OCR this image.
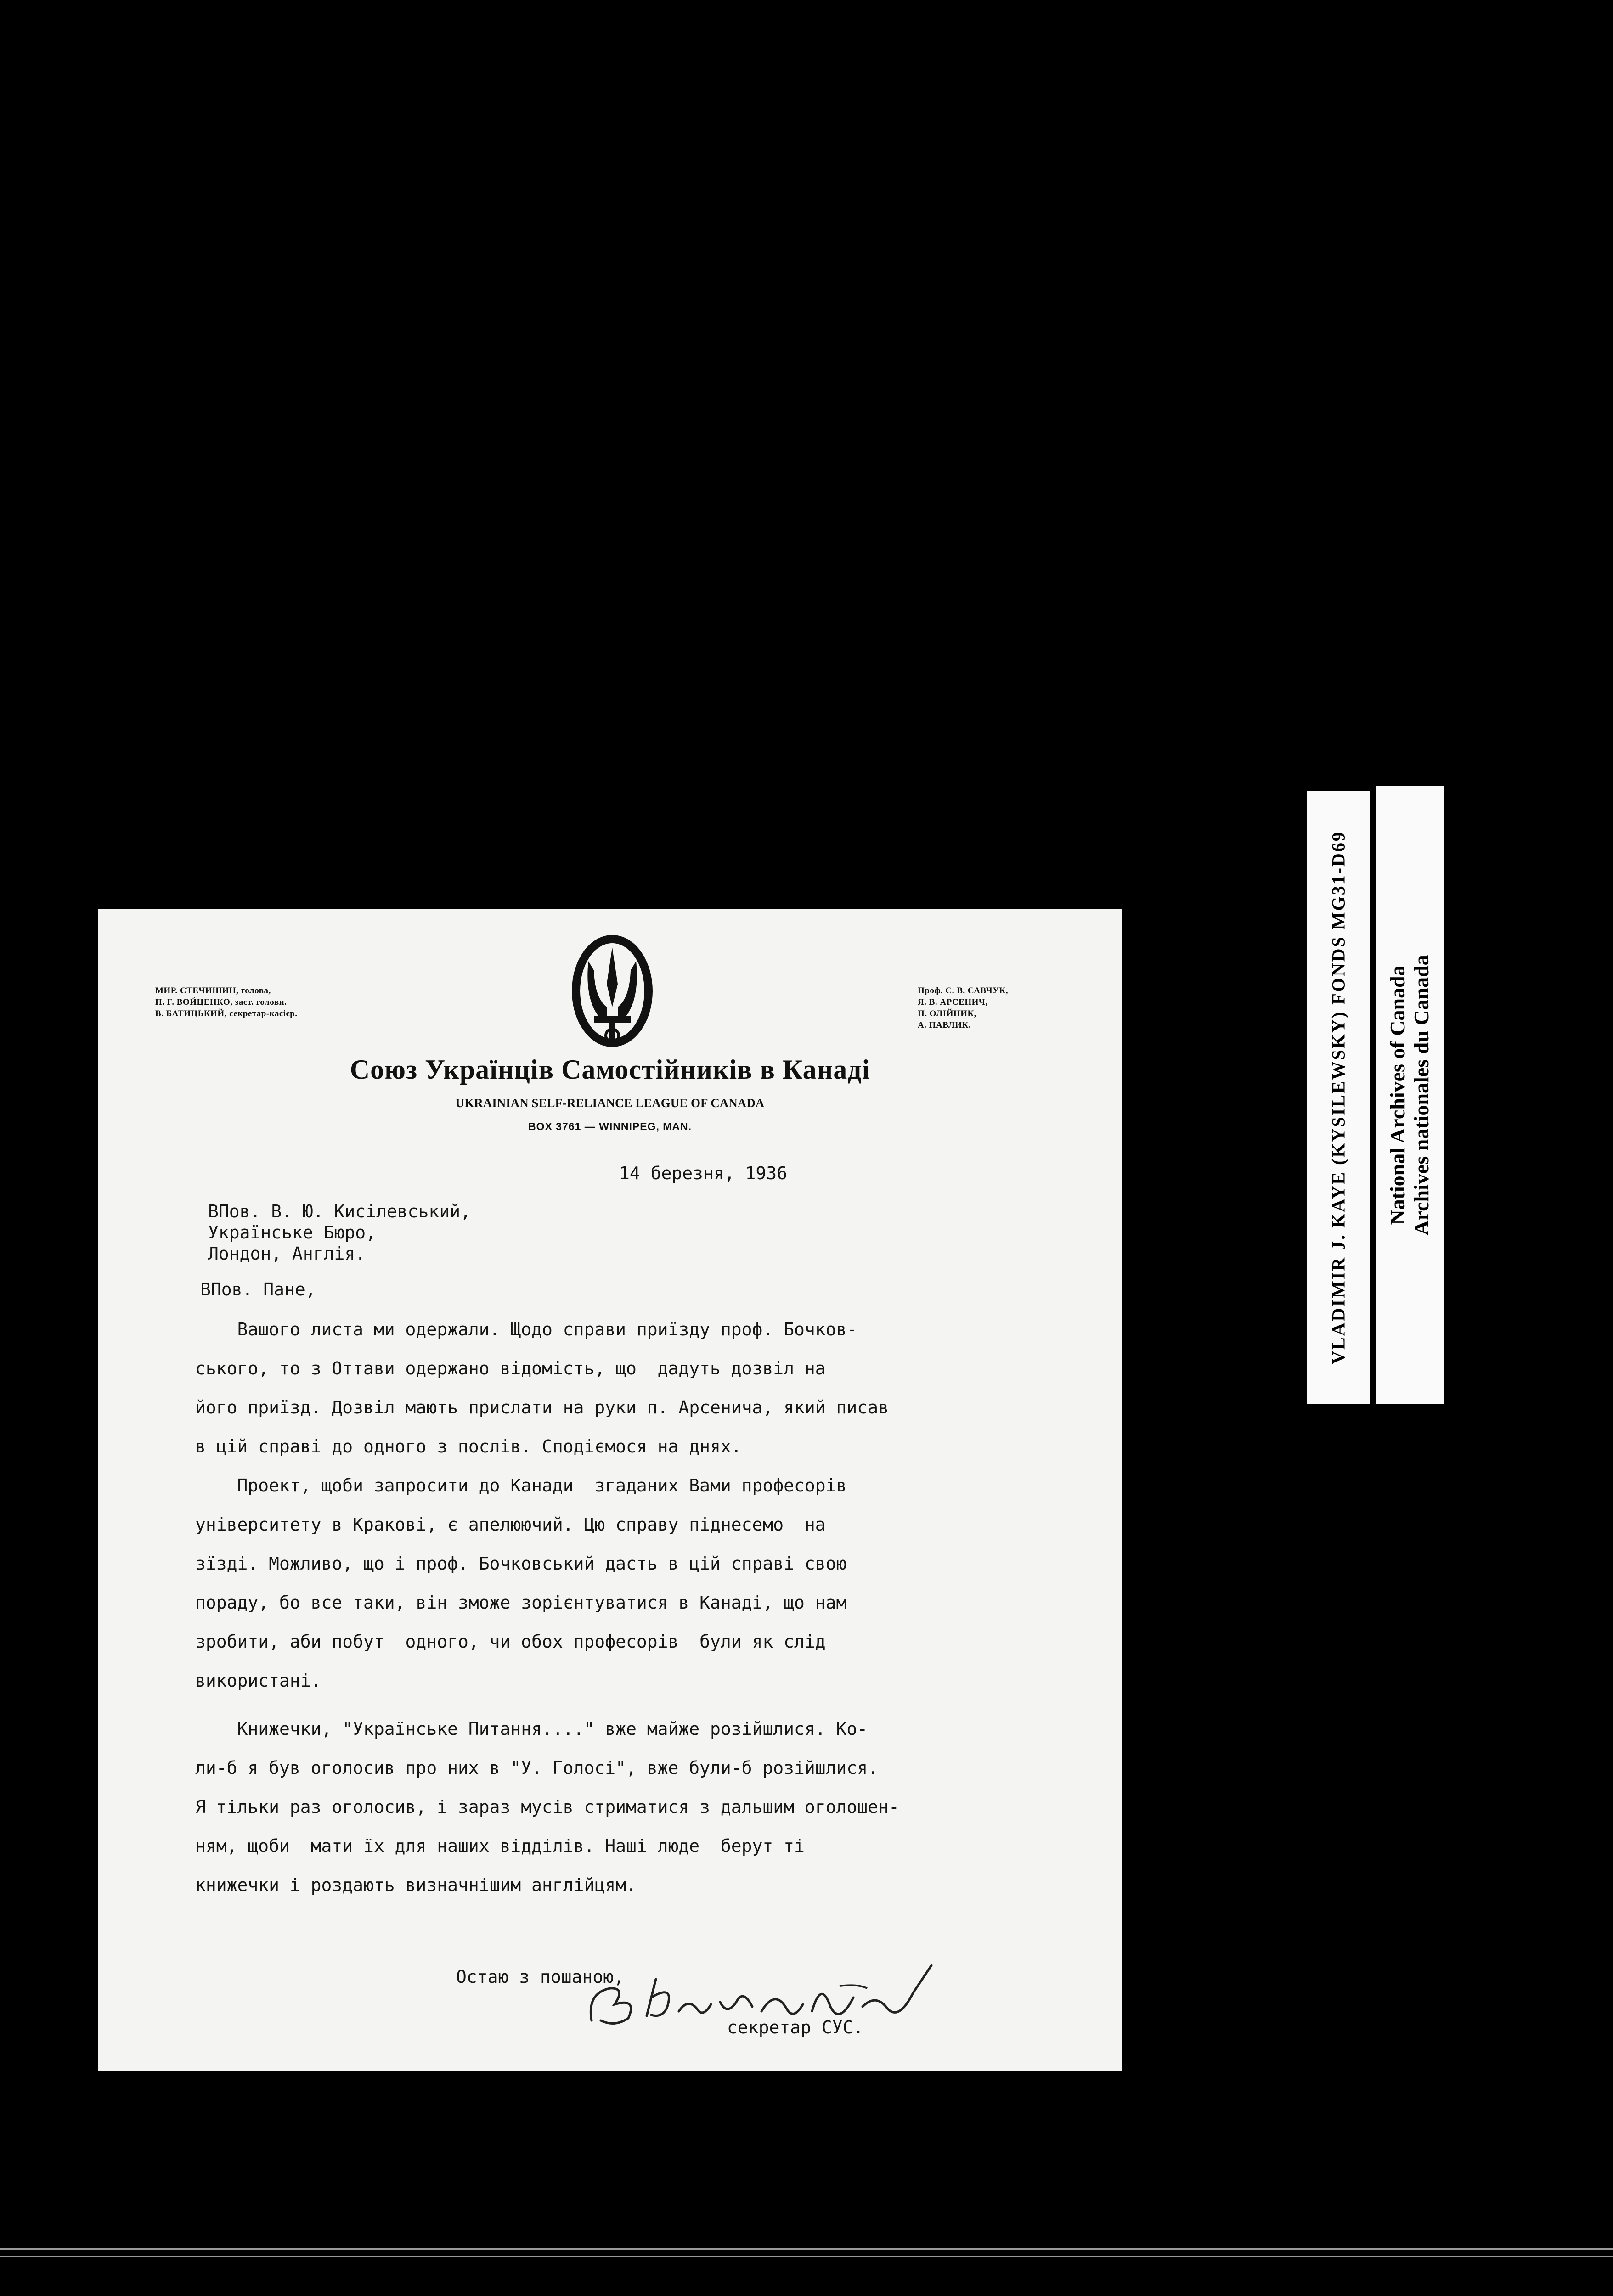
МИР. СТЕЧИШИН, голова,
П. Г. ВОЙЦЕНКО, заст. голови.
В. БАТИЦЬКИЙ, секретар-касієр.
Проф. С. В. САВЧУК,
Я. В. АРСЕНИЧ,
П. ОЛІЙНИК,
А. ПАВЛИК.
Союз Українців Самостійників в Канаді
UKRAINIAN SELF-RELIANCE LEAGUE OF CANADA
BOX 3761 — WINNIPEG, MAN.
14 березня, 1936
ВПов. В. Ю. Кисілевський,
Українське Бюро,
Лондон, Англія.
ВПов. Пане,
Вашого листа ми одержали. Щодо справи приїзду проф. Бочков-
ського, то з Оттави одержано відомість, що  дадуть дозвіл на
його приїзд. Дозвіл мають прислати на руки п. Арсенича, який писав
в цій справі до одного з послів. Сподіємося на днях.
Проект, щоби запросити до Канади  згаданих Вами професорів
університету в Кракові, є апелюючий. Цю справу піднесемо  на
зїзді. Можливо, що і проф. Бочковський дасть в цій справі свою
пораду, бо все таки, він зможе зорієнтуватися в Канаді, що нам
зробити, аби побут  одного, чи обох професорів  були як слід
використані.
Книжечки, "Українське Питання...." вже майже розійшлися. Ко-
ли-б я був оголосив про них в "У. Голосі", вже були-б розійшлися.
Я тільки раз оголосив, і зараз мусів стриматися з дальшим оголошен-
ням, щоби  мати їх для наших відділів. Наші люде  берут ті
книжечки і роздають визначнішим англійцям.
Остаю з пошаною,
секретар СУС.
VLADIMIR J. KAYE (KYSILEWSKY) FONDS MG31-D69 National Archives of Canada Archives nationales du Canada
